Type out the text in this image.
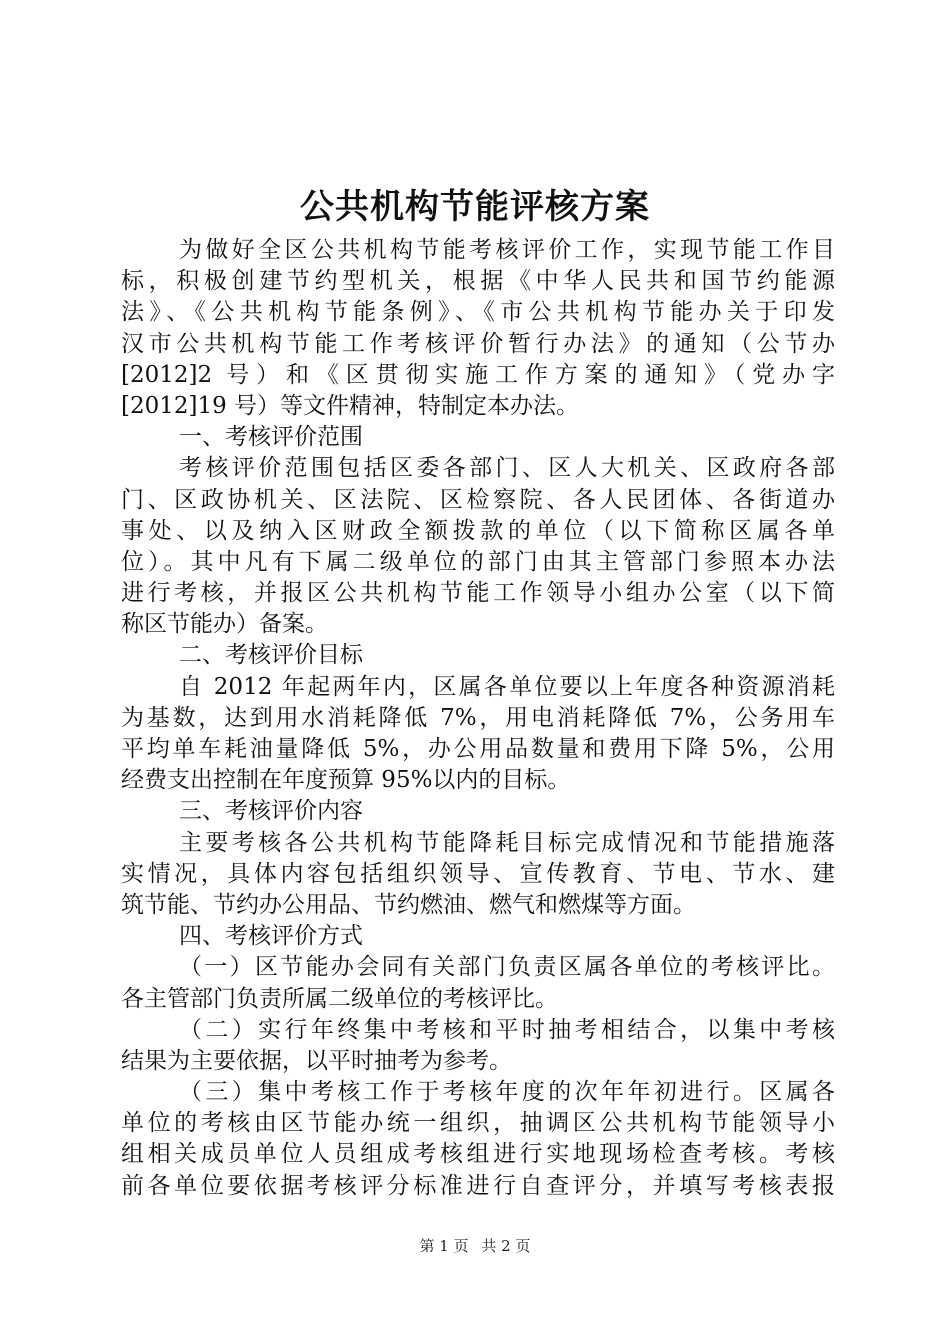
公共机构节能评核方案
为做好全区公共机构节能考核评价工作，实现节能工作目
标，积极创建节约型机关，根据《中华人民共和国节约能源
法》、《公共机构节能条例》、《市公共机构节能办关于印发
汉市公共机构节能工作考核评价暂行办法》的通知（公节办
[2012]2 号）和《区贯彻实施工作方案的通知》（党办字
[2012]19 号）等文件精神，特制定本办法。
一、考核评价范围
考核评价范围包括区委各部门、区人大机关、区政府各部
门、区政协机关、区法院、区检察院、各人民团体、各街道办
事处、以及纳入区财政全额拨款的单位（以下简称区属各单
位）。其中凡有下属二级单位的部门由其主管部门参照本办法
进行考核，并报区公共机构节能工作领导小组办公室（以下简
称区节能办）备案。
二、考核评价目标
自 2012 年起两年内，区属各单位要以上年度各种资源消耗
为基数，达到用水消耗降低 7%，用电消耗降低 7%，公务用车
平均单车耗油量降低 5%，办公用品数量和费用下降 5%，公用
经费支出控制在年度预算 95%以内的目标。
三、考核评价内容
主要考核各公共机构节能降耗目标完成情况和节能措施落
实情况，具体内容包括组织领导、宣传教育、节电、节水、建
筑节能、节约办公用品、节约燃油、燃气和燃煤等方面。
四、考核评价方式
（一）区节能办会同有关部门负责区属各单位的考核评比。
各主管部门负责所属二级单位的考核评比。
（二）实行年终集中考核和平时抽考相结合，以集中考核
结果为主要依据，以平时抽考为参考。
（三）集中考核工作于考核年度的次年年初进行。区属各
单位的考核由区节能办统一组织，抽调区公共机构节能领导小
组相关成员单位人员组成考核组进行实地现场检查考核。考核
前各单位要依据考核评分标准进行自查评分，并填写考核表报
第 1 页 共 2 页
